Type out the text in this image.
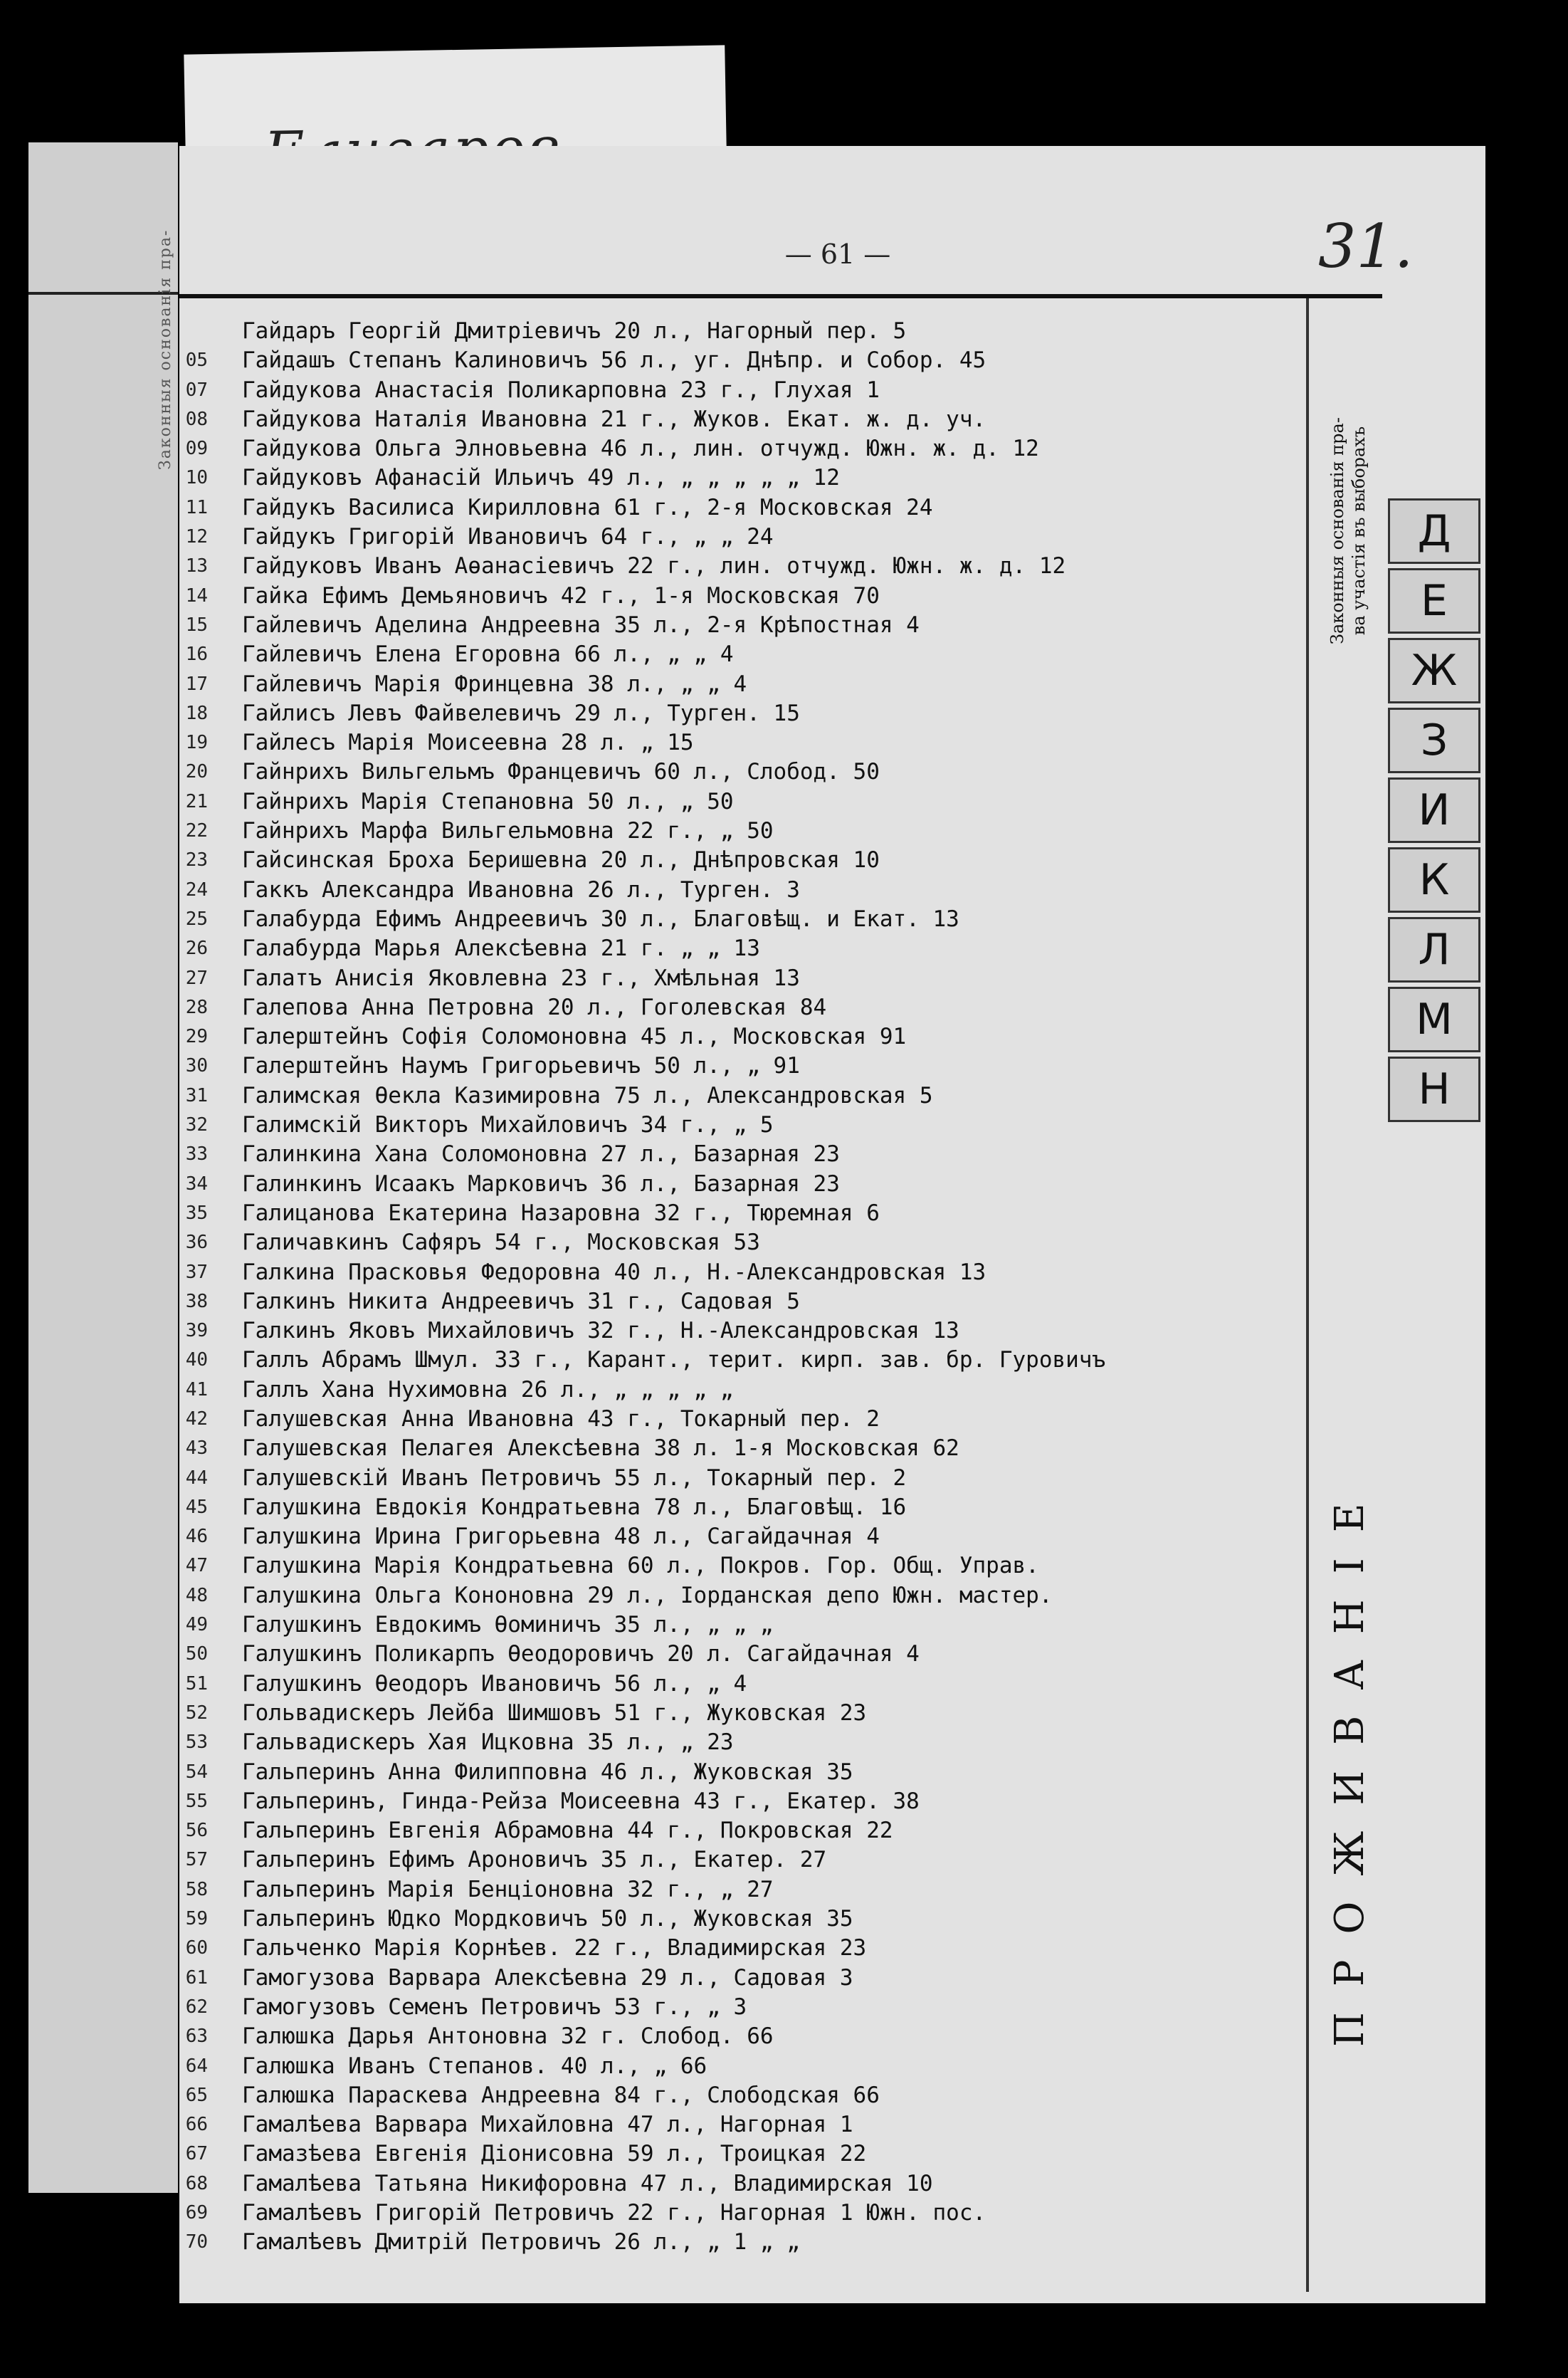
Законныя основанія пра-	— 61 —	31.
Гайдаръ Георгій Дмитріевичъ 20 л., Нагорный пер. 5
05 Гайдашъ Степанъ Калиновичъ 56 л., уг. Днѣпр. и Собор. 45
07 Гайдукова Анастасія Поликарповна 23 г., Глухая 1
08 Гайдукова Наталія Ивановна 21 г., Жуков. Екат. ж. д. уч.
09 Гайдукова Ольга Элновьевна 46 л., лин. отчужд. Южн. ж. д. 12
10 Гайдуковъ Афанасій Ильичъ 49 л., „ „ „ „ „ 12
11 Гайдукъ Василиса Кирилловна 61 г., 2-я Московская 24
12 Гайдукъ Григорій Ивановичъ 64 г., „ „ 24
13 Гайдуковъ Иванъ Аѳанасіевичъ 22 г., лин. отчужд. Южн. ж. д. 12
14 Гайка Ефимъ Демьяновичъ 42 г., 1-я Московская 70
15 Гайлевичъ Аделина Андреевна 35 л., 2-я Крѣпостная 4
16 Гайлевичъ Елена Егоровна 66 л., „ „ 4
17 Гайлевичъ Марія Фринцевна 38 л., „ „ 4
18 Гайлисъ Левъ Файвелевичъ 29 л., Турген. 15
19 Гайлесъ Марія Моисеевна 28 л. „ 15
20 Гайнрихъ Вильгельмъ Францевичъ 60 л., Слобод. 50
21 Гайнрихъ Марія Степановна 50 л., „ 50
22 Гайнрихъ Марфа Вильгельмовна 22 г., „ 50
23 Гайсинская Броха Беришевна 20 л., Днѣпровская 10
24 Гаккъ Александра Ивановна 26 л., Турген. 3
25 Галабурда Ефимъ Андреевичъ 30 л., Благовѣщ. и Екат. 13
26 Галабурда Марья Алексѣевна 21 г. „ „ 13
27 Галатъ Анисія Яковлевна 23 г., Хмѣльная 13
28 Галепова Анна Петровна 20 л., Гоголевская 84
29 Галерштейнъ Софія Соломоновна 45 л., Московская 91
30 Галерштейнъ Наумъ Григорьевичъ 50 л., „ 91
31 Галимская Ѳекла Казимировна 75 л., Александровская 5
32 Галимскій Викторъ Михайловичъ 34 г., „ 5
33 Галинкина Хана Соломоновна 27 л., Базарная 23
34 Галинкинъ Исаакъ Марковичъ 36 л., Базарная 23
35 Галицанова Екатерина Назаровна 32 г., Тюремная 6
36 Галичавкинъ Сафяръ 54 г., Московская 53
37 Галкина Прасковья Федоровна 40 л., Н.-Александровская 13
38 Галкинъ Никита Андреевичъ 31 г., Садовая 5
39 Галкинъ Яковъ Михайловичъ 32 г., Н.-Александровская 13
40 Галлъ Абрамъ Шмул. 33 г., Карант., терит. кирп. зав. бр. Гуровичъ
41 Галлъ Хана Нухимовна 26 л., „ „ „ „ „
42 Галушевская Анна Ивановна 43 г., Токарный пер. 2
43 Галушевская Пелагея Алексѣевна 38 л. 1-я Московская 62
44 Галушевскій Иванъ Петровичъ 55 л., Токарный пер. 2
45 Галушкина Евдокія Кондратьевна 78 л., Благовѣщ. 16
46 Галушкина Ирина Григорьевна 48 л., Сагайдачная 4
47 Галушкина Марія Кондратьевна 60 л., Покров. Гор. Общ. Управ.
48 Галушкина Ольга Кононовна 29 л., Іорданская депо Южн. мастер.
49 Галушкинъ Евдокимъ Ѳоминичъ 35 л., „ „ „
50 Галушкинъ Поликарпъ Ѳеодоровичъ 20 л. Сагайдачная 4
51 Галушкинъ Ѳеодоръ Ивановичъ 56 л., „ 4
52 Гольвадискеръ Лейба Шимшовъ 51 г., Жуковская 23
53 Гальвадискеръ Хая Ицковна 35 л., „ 23
54 Гальперинъ Анна Филипповна 46 л., Жуковская 35
55 Гальперинъ, Гинда-Рейза Моисеевна 43 г., Екатер. 38
56 Гальперинъ Евгенія Абрамовна 44 г., Покровская 22
57 Гальперинъ Ефимъ Ароновичъ 35 л., Екатер. 27
58 Гальперинъ Марія Бенціоновна 32 г., „ 27
59 Гальперинъ Юдко Мордковичъ 50 л., Жуковская 35
60 Гальченко Марія Корнѣев. 22 г., Владимирская 23
61 Гамогузова Варвара Алексѣевна 29 л., Садовая 3
62 Гамогузовъ Семенъ Петровичъ 53 г., „ 3
63 Галюшка Дарья Антоновна 32 г. Слобод. 66
64 Галюшка Иванъ Степанов. 40 л., „ 66
65 Галюшка Параскева Андреевна 84 г., Слободская 66
66 Гамалѣева Варвара Михайловна 47 л., Нагорная 1
67 Гамазѣева Евгенія Діонисовна 59 л., Троицкая 22
68 Гамалѣева Татьяна Никифоровна 47 л., Владимирская 10
69 Гамалѣевъ Григорій Петровичъ 22 г., Нагорная 1 Южн. пос.
70 Гамалѣевъ Дмитрій Петровичъ 26 л., „ 1 „ „
Законныя основанія пра- ва участія въ выборахъ
ПРОЖИВАНІЕ
Д
Е
Ж
З
И
К
Л
М
Н
